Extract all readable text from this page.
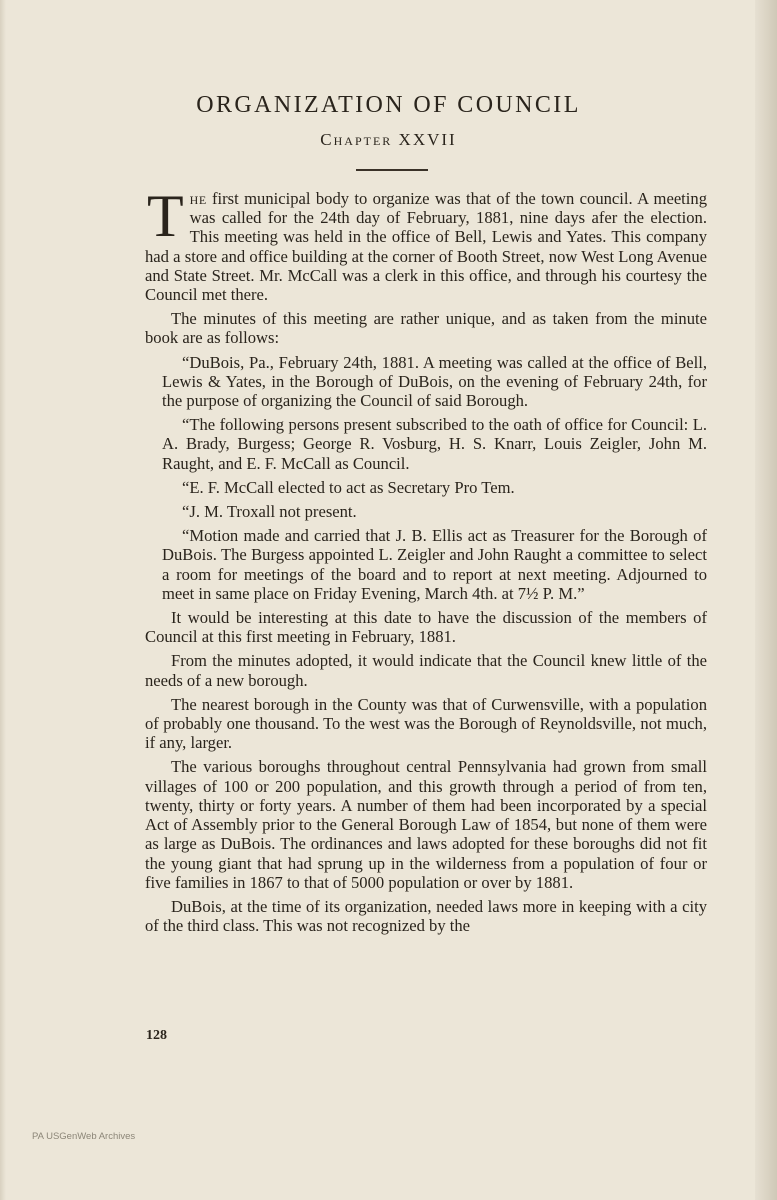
ORGANIZATION OF COUNCIL
Chapter XXVII

The first municipal body to organize was that of the town council. A meeting was called for the 24th day of February, 1881, nine days afer the election. This meeting was held in the office of Bell, Lewis and Yates. This company had a store and office building at the corner of Booth Street, now West Long Avenue and State Street. Mr. McCall was a clerk in this office, and through his courtesy the Council met there.

The minutes of this meeting are rather unique, and as taken from the minute book are as follows:

“DuBois, Pa., February 24th, 1881. A meeting was called at the office of Bell, Lewis & Yates, in the Borough of DuBois, on the evening of February 24th, for the purpose of organizing the Council of said Borough.

“The following persons present subscribed to the oath of office for Council: L. A. Brady, Burgess; George R. Vosburg, H. S. Knarr, Louis Zeigler, John M. Raught, and E. F. McCall as Council.

“E. F. McCall elected to act as Secretary Pro Tem.

“J. M. Troxall not present.

“Motion made and carried that J. B. Ellis act as Treasurer for the Borough of DuBois. The Burgess appointed L. Zeigler and John Raught a committee to select a room for meetings of the board and to report at next meeting. Adjourned to meet in same place on Friday Evening, March 4th. at 7½ P. M.”

It would be interesting at this date to have the discussion of the members of Council at this first meeting in February, 1881.

From the minutes adopted, it would indicate that the Council knew little of the needs of a new borough.

The nearest borough in the County was that of Curwensville, with a population of probably one thousand. To the west was the Borough of Reynoldsville, not much, if any, larger.

The various boroughs throughout central Pennsylvania had grown from small villages of 100 or 200 population, and this growth through a period of from ten, twenty, thirty or forty years. A number of them had been incorporated by a special Act of Assembly prior to the General Borough Law of 1854, but none of them were as large as DuBois. The ordinances and laws adopted for these boroughs did not fit the young giant that had sprung up in the wilderness from a population of four or five families in 1867 to that of 5000 population or over by 1881.

DuBois, at the time of its organization, needed laws more in keeping with a city of the third class. This was not recognized by the

128
PA USGenWeb Archives
